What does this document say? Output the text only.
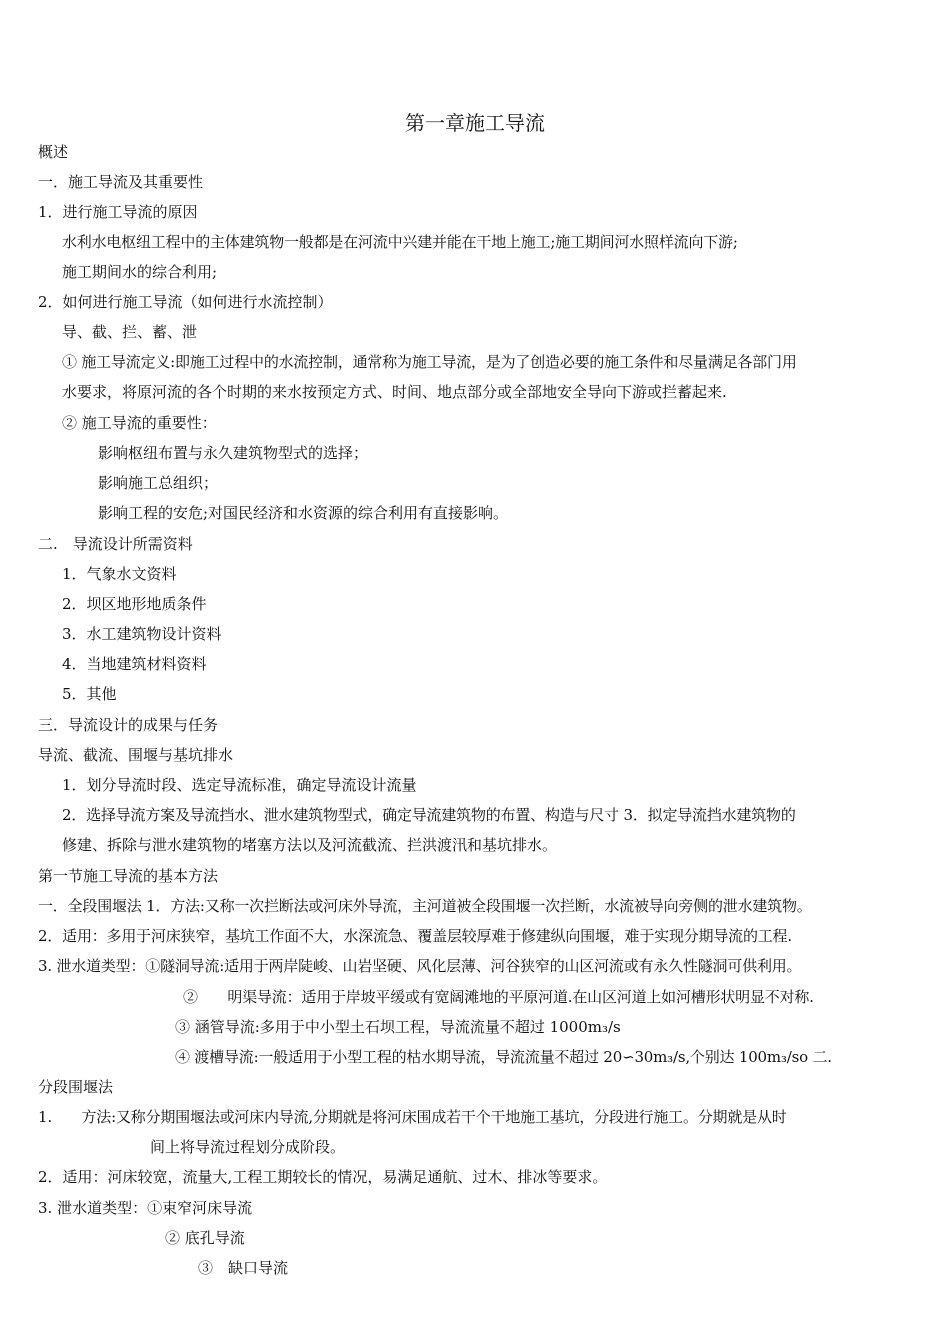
第一章施工导流
概述
一．施工导流及其重要性
1．进行施工导流的原因
水利水电枢纽工程中的主体建筑物一般都是在河流中兴建并能在干地上施工;施工期间河水照样流向下游;
施工期间水的综合利用;
2．如何进行施工导流（如何进行水流控制）
导、截、拦、蓄、泄
① 施工导流定义:即施工过程中的水流控制，通常称为施工导流，是为了创造必要的施工条件和尽量满足各部门用
水要求，将原河流的各个时期的来水按预定方式、时间、地点部分或全部地安全导向下游或拦蓄起来.
② 施工导流的重要性：
影响枢纽布置与永久建筑物型式的选择；
影响施工总组织；
影响工程的安危;对国民经济和水资源的综合利用有直接影响。
二.　导流设计所需资料
1．气象水文资料
2．坝区地形地质条件
3．水工建筑物设计资料
4．当地建筑材料资料
5．其他
三．导流设计的成果与任务
导流、截流、围堰与基坑排水
1．划分导流时段、选定导流标准，确定导流设计流量
2．选择导流方案及导流挡水、泄水建筑物型式，确定导流建筑物的布置、构造与尺寸 3．拟定导流挡水建筑物的
修建、拆除与泄水建筑物的堵塞方法以及河流截流、拦洪渡汛和基坑排水。
第一节施工导流的基本方法
一．全段围堰法 1．方法:又称一次拦断法或河床外导流，主河道被全段围堰一次拦断，水流被导向旁侧的泄水建筑物。
2．适用：多用于河床狭窄，基坑工作面不大，水深流急、覆盖层较厚难于修建纵向围堰，难于实现分期导流的工程.
3. 泄水道类型：①隧洞导流:适用于两岸陡峻、山岩坚硬、风化层薄、河谷狭窄的山区河流或有永久性隧洞可供利用。
②　　明渠导流：适用于岸坡平缓或有宽阔滩地的平原河道.在山区河道上如河槽形状明显不对称.
③ 涵管导流:多用于中小型土石坝工程，导流流量不超过 1000m₃/s
④ 渡槽导流:一般适用于小型工程的枯水期导流，导流流量不超过 20∽30m₃/s,个别达 100m₃/so 二.
分段围堰法
1.　　方法:又称分期围堰法或河床内导流,分期就是将河床围成若干个干地施工基坑，分段进行施工。分期就是从时
间上将导流过程划分成阶段。
2．适用：河床较宽，流量大,工程工期较长的情况，易满足通航、过木、排冰等要求。
3. 泄水道类型：①束窄河床导流
② 底孔导流
③　缺口导流
